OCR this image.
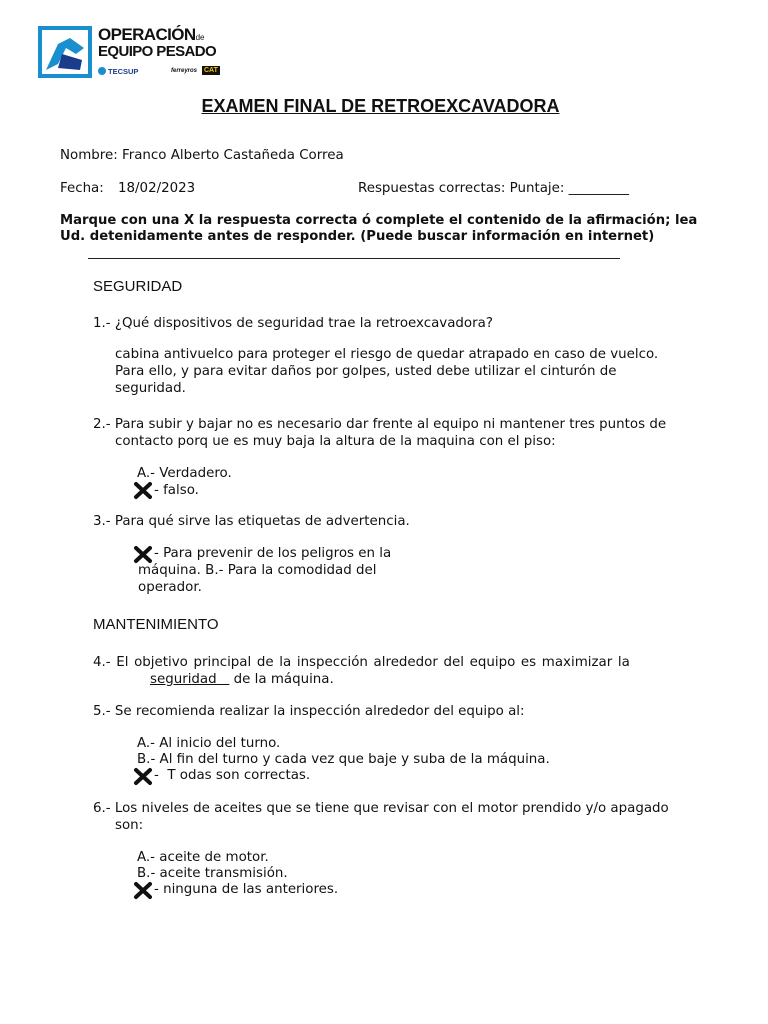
OPERACIÓNde
EQUIPO PESADO
TECSUP	ferreyros CAT
EXAMEN FINAL DE RETROEXCAVADORA
Nombre: Franco Alberto Castañeda Correa
Fecha: 18/02/2023	Respuestas correctas: Puntaje: _________
Marque con una X la respuesta correcta ó complete el contenido de la afirmación; lea
Ud. detenidamente antes de responder. (Puede buscar información en internet)
SEGURIDAD
1.- ¿Qué dispositivos de seguridad trae la retroexcavadora?
cabina antivuelco para proteger el riesgo de quedar atrapado en caso de vuelco.
Para ello, y para evitar daños por golpes, usted debe utilizar el cinturón de
seguridad.
2.- Para subir y bajar no es necesario dar frente al equipo ni mantener tres puntos de
contacto porq ue es muy baja la altura de la maquina con el piso:
A.- Verdadero.
- falso.
3.- Para qué sirve las etiquetas de advertencia.
- Para prevenir de los peligros en la
máquina. B.- Para la comodidad del
operador.
MANTENIMIENTO
4.- El objetivo principal de la inspección alrededor del equipo es maximizar la
seguridad    de la máquina.
5.- Se recomienda realizar la inspección alrededor del equipo al:
A.- Al inicio del turno.
B.- Al fin del turno y cada vez que baje y suba de la máquina.
-  T odas son correctas.
6.- Los niveles de aceites que se tiene que revisar con el motor prendido y/o apagado
son:
A.- aceite de motor.
B.- aceite transmisión.
- ninguna de las anteriores.
